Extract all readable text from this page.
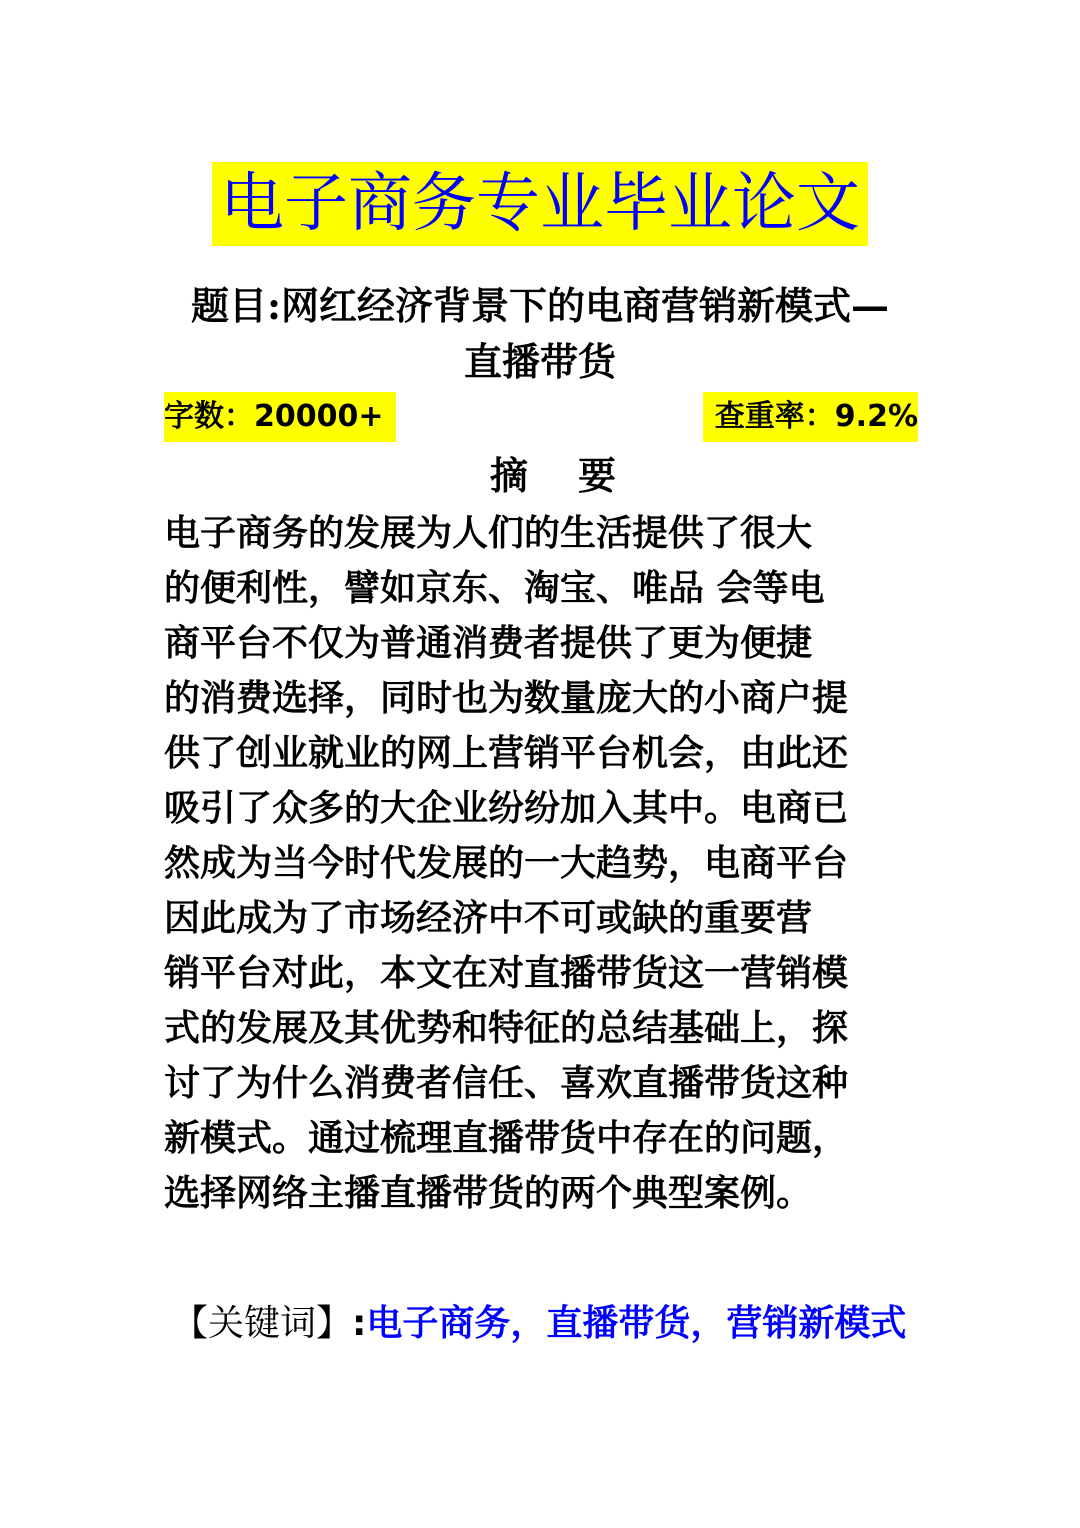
电子商务专业毕业论文
题目:网红经济背景下的电商营销新模式—
直播带货
字数：20000+	查重率：9.2%
摘要
电子商务的发展为人们的生活提供了很大
的便利性，譬如京东、淘宝、唯品 会等电
商平台不仅为普通消费者提供了更为便捷
的消费选择，同时也为数量庞大的小商户提
供了创业就业的网上营销平台机会，由此还
吸引了众多的大企业纷纷加入其中。电商已
然成为当今时代发展的一大趋势，电商平台
因此成为了市场经济中不可或缺的重要营
销平台对此，本文在对直播带货这一营销模
式的发展及其优势和特征的总结基础上，探
讨了为什么消费者信任、喜欢直播带货这种
新模式。通过梳理直播带货中存在的问题，
选择网络主播直播带货的两个典型案例。
【关键词】:电子商务，直播带货，营销新模式
